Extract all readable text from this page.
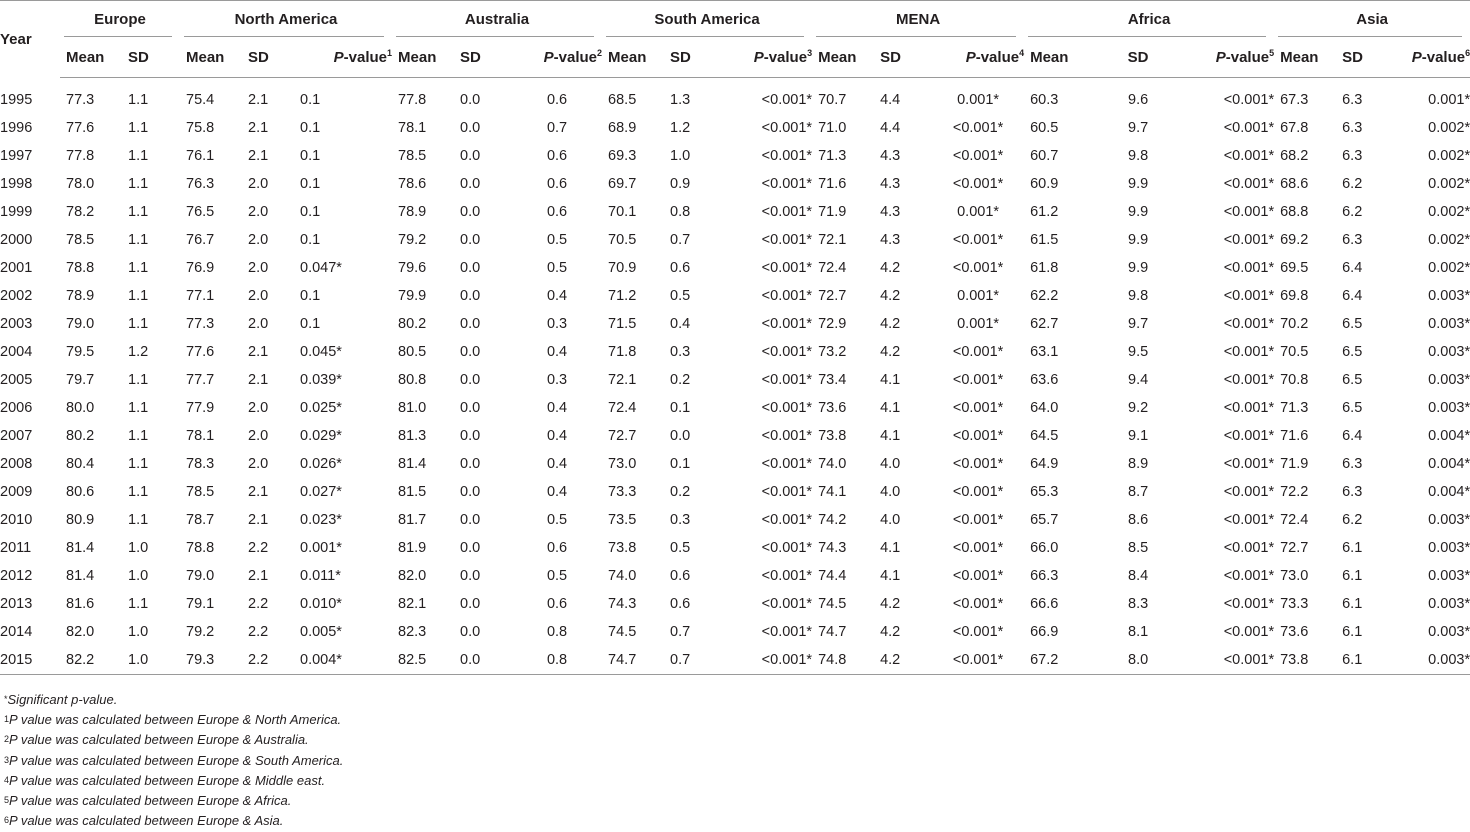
Year	Europe		North America			Australia			South America			MENA			Africa			Asia		
	Mean	SD	Mean	SD	P-value$^1$	Mean	SD	P-value$^2$	Mean	SD	P-value$^3$	Mean	SD	P-value$^4$	Mean	SD	P-value$^5$	Mean	SD	P-value$^6$

1995	77.3	1.1	75.4	2.1	0.1	77.8	0.0	0.6	68.5	1.3	<0.001*	70.7	4.4	0.001*	60.3	9.6	<0.001*	67.3	6.3	0.001*
1996	77.6	1.1	75.8	2.1	0.1	78.1	0.0	0.7	68.9	1.2	<0.001*	71.0	4.4	<0.001*	60.5	9.7	<0.001*	67.8	6.3	0.002*
1997	77.8	1.1	76.1	2.1	0.1	78.5	0.0	0.6	69.3	1.0	<0.001*	71.3	4.3	<0.001*	60.7	9.8	<0.001*	68.2	6.3	0.002*
1998	78.0	1.1	76.3	2.0	0.1	78.6	0.0	0.6	69.7	0.9	<0.001*	71.6	4.3	<0.001*	60.9	9.9	<0.001*	68.6	6.2	0.002*
1999	78.2	1.1	76.5	2.0	0.1	78.9	0.0	0.6	70.1	0.8	<0.001*	71.9	4.3	0.001*	61.2	9.9	<0.001*	68.8	6.2	0.002*
2000	78.5	1.1	76.7	2.0	0.1	79.2	0.0	0.5	70.5	0.7	<0.001*	72.1	4.3	<0.001*	61.5	9.9	<0.001*	69.2	6.3	0.002*
2001	78.8	1.1	76.9	2.0	0.047*	79.6	0.0	0.5	70.9	0.6	<0.001*	72.4	4.2	<0.001*	61.8	9.9	<0.001*	69.5	6.4	0.002*
2002	78.9	1.1	77.1	2.0	0.1	79.9	0.0	0.4	71.2	0.5	<0.001*	72.7	4.2	0.001*	62.2	9.8	<0.001*	69.8	6.4	0.003*
2003	79.0	1.1	77.3	2.0	0.1	80.2	0.0	0.3	71.5	0.4	<0.001*	72.9	4.2	0.001*	62.7	9.7	<0.001*	70.2	6.5	0.003*
2004	79.5	1.2	77.6	2.1	0.045*	80.5	0.0	0.4	71.8	0.3	<0.001*	73.2	4.2	<0.001*	63.1	9.5	<0.001*	70.5	6.5	0.003*
2005	79.7	1.1	77.7	2.1	0.039*	80.8	0.0	0.3	72.1	0.2	<0.001*	73.4	4.1	<0.001*	63.6	9.4	<0.001*	70.8	6.5	0.003*
2006	80.0	1.1	77.9	2.0	0.025*	81.0	0.0	0.4	72.4	0.1	<0.001*	73.6	4.1	<0.001*	64.0	9.2	<0.001*	71.3	6.5	0.003*
2007	80.2	1.1	78.1	2.0	0.029*	81.3	0.0	0.4	72.7	0.0	<0.001*	73.8	4.1	<0.001*	64.5	9.1	<0.001*	71.6	6.4	0.004*
2008	80.4	1.1	78.3	2.0	0.026*	81.4	0.0	0.4	73.0	0.1	<0.001*	74.0	4.0	<0.001*	64.9	8.9	<0.001*	71.9	6.3	0.004*
2009	80.6	1.1	78.5	2.1	0.027*	81.5	0.0	0.4	73.3	0.2	<0.001*	74.1	4.0	<0.001*	65.3	8.7	<0.001*	72.2	6.3	0.004*
2010	80.9	1.1	78.7	2.1	0.023*	81.7	0.0	0.5	73.5	0.3	<0.001*	74.2	4.0	<0.001*	65.7	8.6	<0.001*	72.4	6.2	0.003*
2011	81.4	1.0	78.8	2.2	0.001*	81.9	0.0	0.6	73.8	0.5	<0.001*	74.3	4.1	<0.001*	66.0	8.5	<0.001*	72.7	6.1	0.003*
2012	81.4	1.0	79.0	2.1	0.011*	82.0	0.0	0.5	74.0	0.6	<0.001*	74.4	4.1	<0.001*	66.3	8.4	<0.001*	73.0	6.1	0.003*
2013	81.6	1.1	79.1	2.2	0.010*	82.1	0.0	0.6	74.3	0.6	<0.001*	74.5	4.2	<0.001*	66.6	8.3	<0.001*	73.3	6.1	0.003*
2014	82.0	1.0	79.2	2.2	0.005*	82.3	0.0	0.8	74.5	0.7	<0.001*	74.7	4.2	<0.001*	66.9	8.1	<0.001*	73.6	6.1	0.003*
2015	82.2	1.0	79.3	2.2	0.004*	82.5	0.0	0.8	74.7	0.7	<0.001*	74.8	4.2	<0.001*	67.2	8.0	<0.001*	73.8	6.1	0.003*
*Significant p-value.
$^1$P value was calculated between Europe & North America.
$^2$P value was calculated between Europe & Australia.
$^3$P value was calculated between Europe & South America.
$^4$P value was calculated between Europe & Middle east.
$^5$P value was calculated between Europe & Africa.
$^6$P value was calculated between Europe & Asia.
